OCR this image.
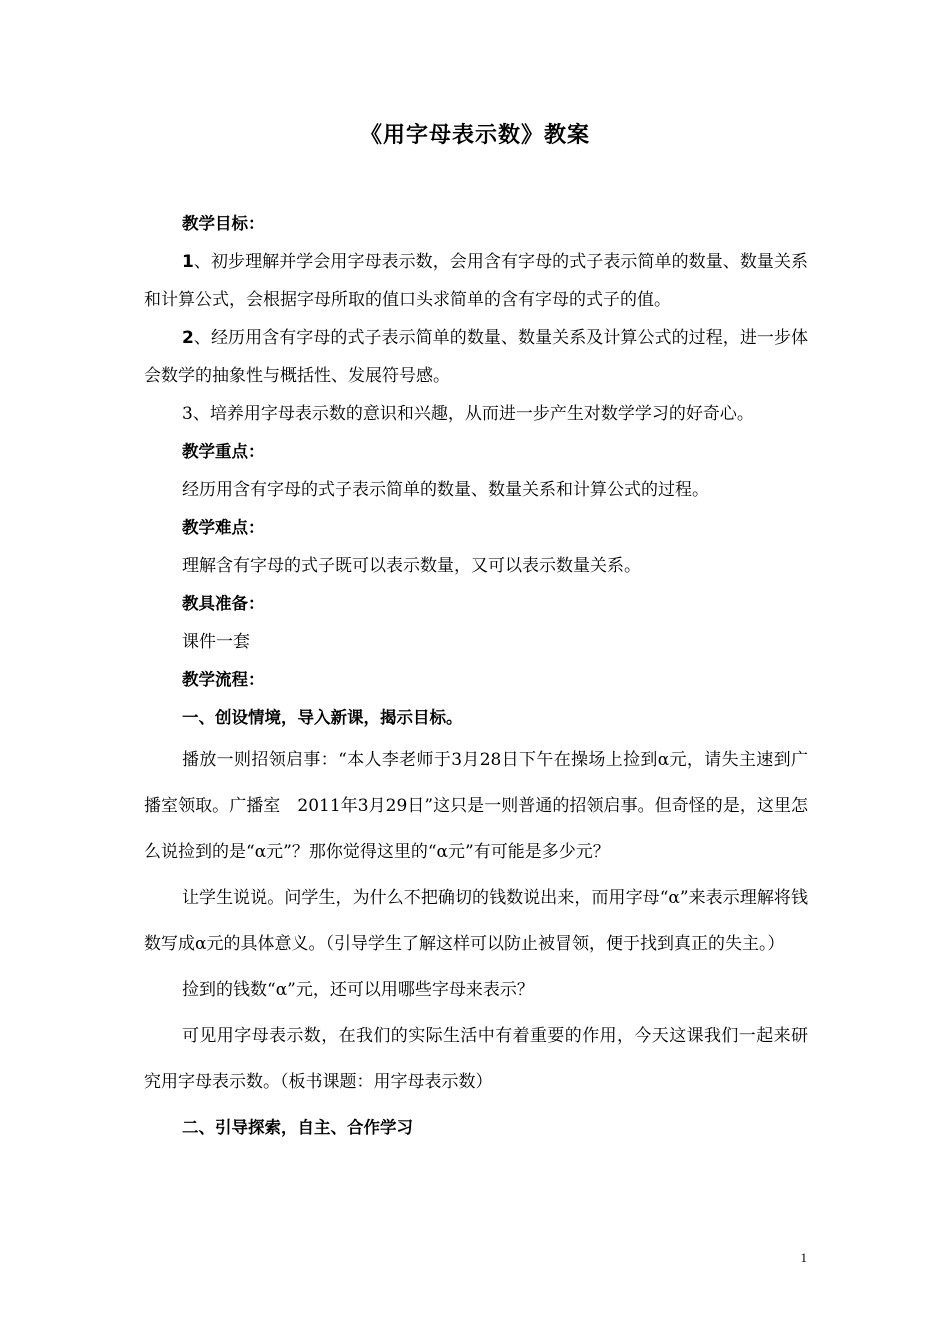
《用字母表示数》教案

教学目标：

1、初步理解并学会用字母表示数，会用含有字母的式子表示简单的数量、数量关系和计算公式，会根据字母所取的值口头求简单的含有字母的式子的值。

2、经历用含有字母的式子表示简单的数量、数量关系及计算公式的过程，进一步体会数学的抽象性与概括性、发展符号感。

3、培养用字母表示数的意识和兴趣，从而进一步产生对数学学习的好奇心。

教学重点：

经历用含有字母的式子表示简单的数量、数量关系和计算公式的过程。

教学难点：

理解含有字母的式子既可以表示数量，又可以表示数量关系。

教具准备：

课件一套

教学流程：

一、创设情境，导入新课，揭示目标。

播放一则招领启事：“本人李老师于3月28日下午在操场上捡到α元，请失主速到广播室领取。广播室　2011年3月29日”这只是一则普通的招领启事。但奇怪的是，这里怎么说捡到的是“α元”？那你觉得这里的“α元”有可能是多少元？

让学生说说。问学生，为什么不把确切的钱数说出来，而用字母“α”来表示理解将钱数写成α元的具体意义。（引导学生了解这样可以防止被冒领，便于找到真正的失主。）

捡到的钱数“α”元，还可以用哪些字母来表示？

可见用字母表示数，在我们的实际生活中有着重要的作用，今天这课我们一起来研究用字母表示数。（板书课题：用字母表示数）

二、引导探索，自主、合作学习

1
